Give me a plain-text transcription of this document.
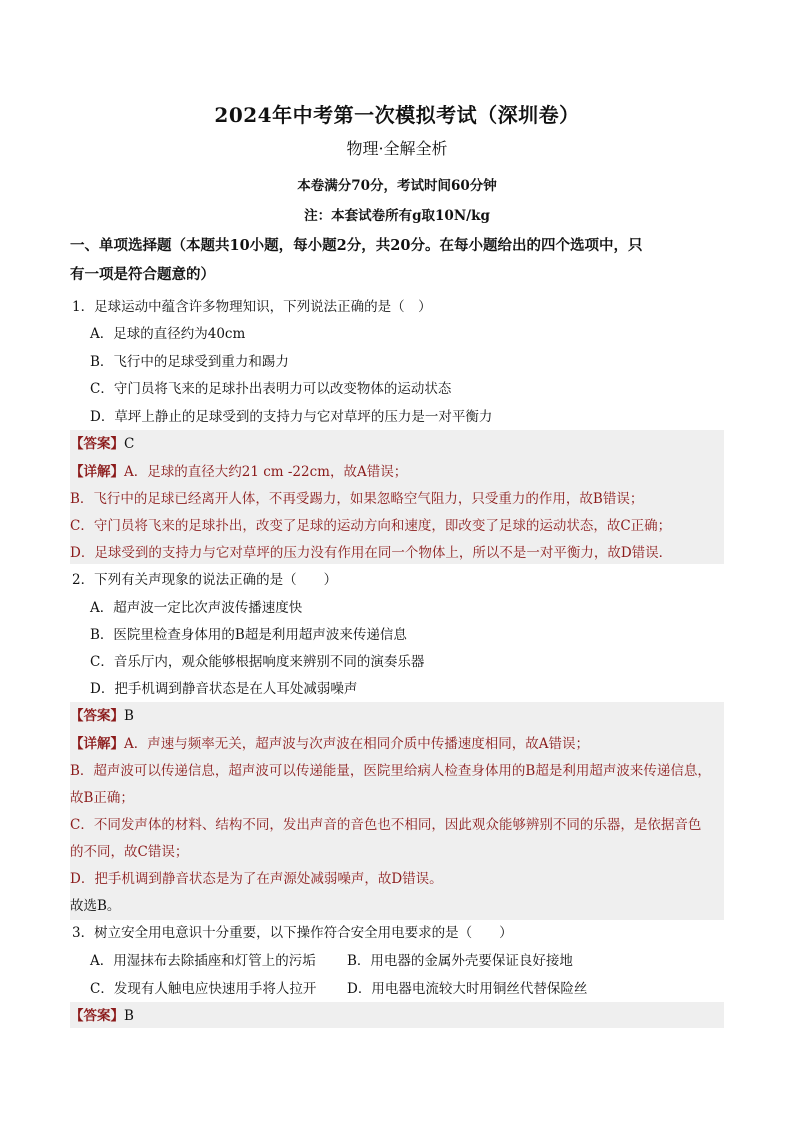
2024年中考第一次模拟考试（深圳卷）
物理·全解全析
本卷满分70分，考试时间60分钟
注：本套试卷所有g取10N/kg
一、单项选择题（本题共10小题，每小题2分，共20分。在每小题给出的四个选项中，只
有一项是符合题意的）
1．足球运动中蕴含许多物理知识，下列说法正确的是（　）
A．足球的直径约为40cm
B．飞行中的足球受到重力和踢力
C．守门员将飞来的足球扑出表明力可以改变物体的运动状态
D．草坪上静止的足球受到的支持力与它对草坪的压力是一对平衡力
【答案】C
【详解】A．足球的直径大约21 cm -22cm，故A错误；
B．飞行中的足球已经离开人体，不再受踢力，如果忽略空气阻力，只受重力的作用，故B错误；
C．守门员将飞来的足球扑出，改变了足球的运动方向和速度，即改变了足球的运动状态，故C正确；
D．足球受到的支持力与它对草坪的压力没有作用在同一个物体上，所以不是一对平衡力，故D错误．
2．下列有关声现象的说法正确的是（　　）
A．超声波一定比次声波传播速度快
B．医院里检查身体用的B超是利用超声波来传递信息
C．音乐厅内，观众能够根据响度来辨别不同的演奏乐器
D．把手机调到静音状态是在人耳处减弱噪声
【答案】B
【详解】A．声速与频率无关，超声波与次声波在相同介质中传播速度相同，故A错误；
B．超声波可以传递信息，超声波可以传递能量，医院里给病人检查身体用的B超是利用超声波来传递信息，
故B正确；
C．不同发声体的材料、结构不同，发出声音的音色也不相同，因此观众能够辨别不同的乐器，是依据音色
的不同，故C错误；
D．把手机调到静音状态是为了在声源处减弱噪声，故D错误。
故选B。
3．树立安全用电意识十分重要，以下操作符合安全用电要求的是（　　）
A．用湿抹布去除插座和灯管上的污垢 B．用电器的金属外壳要保证良好接地
C．发现有人触电应快速用手将人拉开 D．用电器电流较大时用铜丝代替保险丝
【答案】B
